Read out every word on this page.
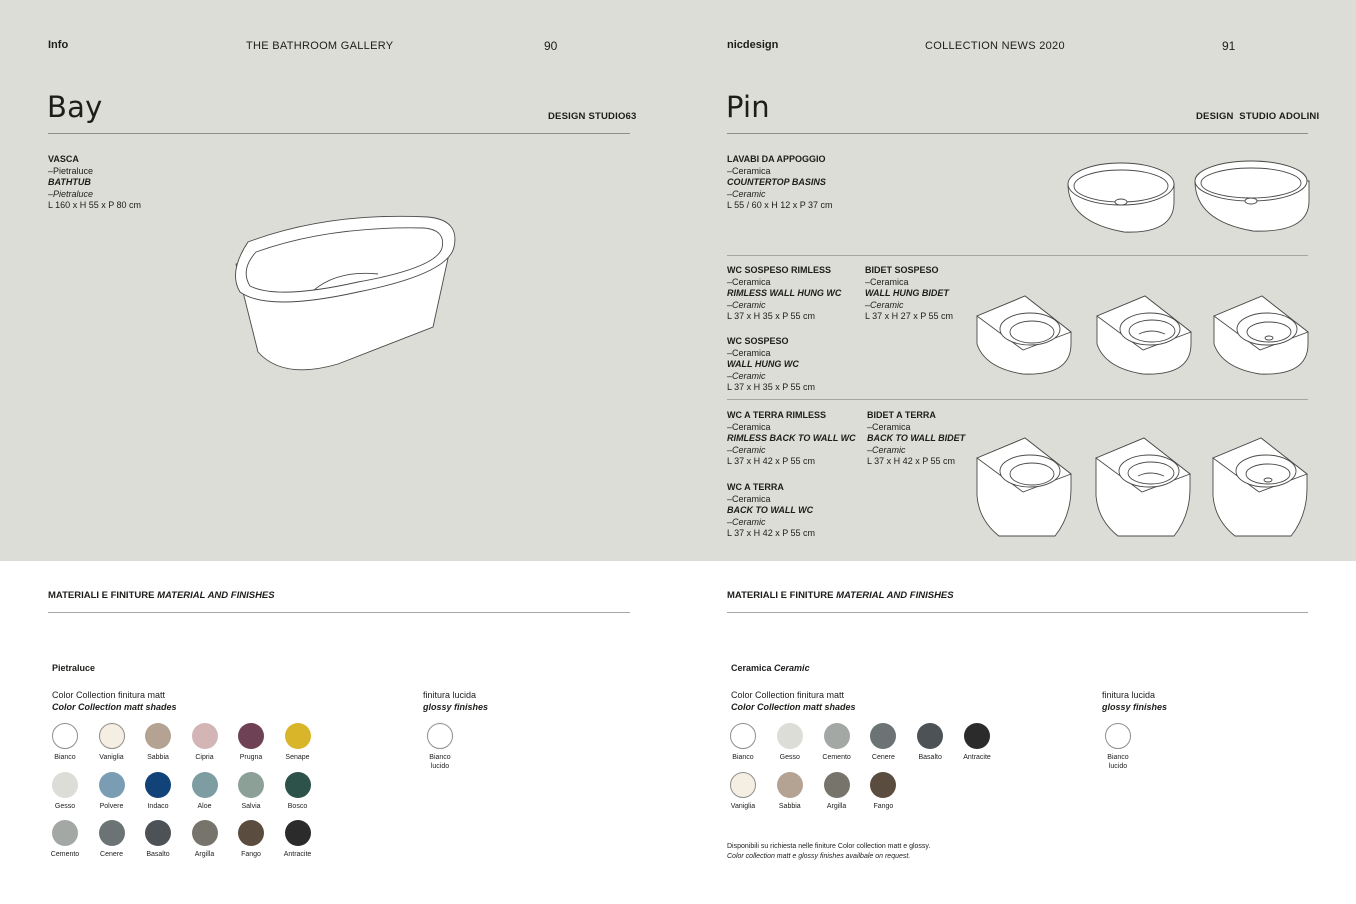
Info	THE BATHROOM GALLERY	90
Bay	DESIGN STUDIO63
VASCA
–Pietraluce
BATHTUB
–Pietraluce
L 160 x H 55 x P 80 cm
MATERIALI E FINITURE MATERIAL AND FINISHES
Pietraluce
Color Collection finitura matt
Color Collection matt shades
finitura lucida
glossy finishes
Bianco	Vaniglia	Sabbia	Cipria	Prugna	Senape
Gesso	Polvere	Indaco	Aloe	Salvia	Bosco
Cemento	Cenere	Basalto	Argilla	Fango	Antracite
Bianco
lucido
nicdesign	COLLECTION NEWS 2020	91
Pin	DESIGN  STUDIO ADOLINI
LAVABI DA APPOGGIO
–Ceramica
COUNTERTOP BASINS
–Ceramic
L 55 / 60 x H 12 x P 37 cm
WC SOSPESO RIMLESS
–Ceramica
RIMLESS WALL HUNG WC
–Ceramic
L 37 x H 35 x P 55 cm
BIDET SOSPESO
–Ceramica
WALL HUNG BIDET
–Ceramic
L 37 x H 27 x P 55 cm
WC SOSPESO
–Ceramica
WALL HUNG WC
–Ceramic
L 37 x H 35 x P 55 cm
WC A TERRA RIMLESS
–Ceramica
RIMLESS BACK TO WALL WC
–Ceramic
L 37 x H 42 x P 55 cm
BIDET A TERRA
–Ceramica
BACK TO WALL BIDET
–Ceramic
L 37 x H 42 x P 55 cm
WC A TERRA
–Ceramica
BACK TO WALL WC
–Ceramic
L 37 x H 42 x P 55 cm
MATERIALI E FINITURE MATERIAL AND FINISHES
Ceramica Ceramic
Color Collection finitura matt
Color Collection matt shades
finitura lucida
glossy finishes
Bianco	Gesso	Cemento	Cenere	Basalto	Antracite
Vaniglia	Sabbia	Argilla	Fango
Bianco
lucido
Disponibili su richiesta nelle finiture Color collection matt e glossy.
Color collection matt e glossy finishes availbale on request.
